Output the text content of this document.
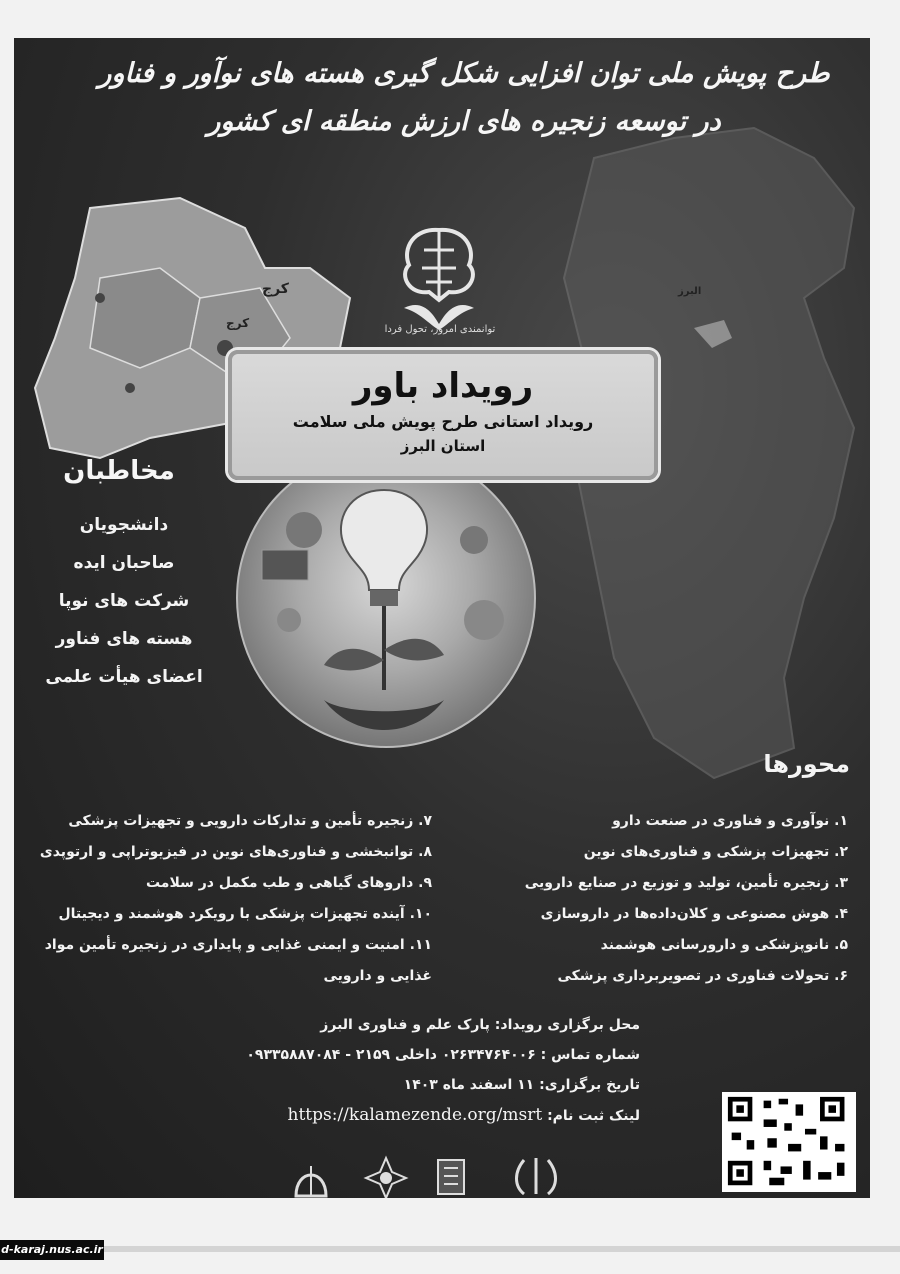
البرز
کرج
کرج
طرح پویش ملی توان افزایی شکل گیری هسته های نوآور و فناور
در توسعه زنجیره های ارزش منطقه ای کشور
توانمندی امروز، تحول فردا
رویداد باور
رویداد استانی طرح پویش ملی سلامت
استان البرز
مخاطبان
دانشجویان
صاحبان ایده
شرکت های نوپا
هسته های فناور
اعضای هیأت علمی
محورها
۱. نوآوری و فناوری در صنعت دارو
۲. تجهیزات پزشکی و فناوری‌های نوین
۳. زنجیره تأمین، تولید و توزیع در صنایع دارویی
۴. هوش مصنوعی و کلان‌داده‌ها در داروسازی
۵. نانوپزشکی و دارورسانی هوشمند
۶. تحولات فناوری در تصویربرداری پزشکی
۷. زنجیره تأمین و تدارکات دارویی و تجهیزات پزشکی
۸. توانبخشی و فناوری‌های نوین در فیزیوتراپی و ارتوپدی
۹. داروهای گیاهی و طب مکمل در سلامت
۱۰. آینده تجهیزات پزشکی با رویکرد هوشمند و دیجیتال
۱۱. امنیت و ایمنی غذایی و پایداری در زنجیره تأمین مواد
غذایی و دارویی
محل برگزاری رویداد: پارک علم و فناوری البرز
شماره تماس : ۰۲۶۳۴۷۶۴۰۰۶ داخلی ۲۱۵۹ - ۰۹۳۳۵۸۸۷۰۸۴
تاریخ برگزاری: ۱۱ اسفند ماه ۱۴۰۳
لینک ثبت نام: https://kalamezende.org/msrt
d-karaj.nus.ac.ir
